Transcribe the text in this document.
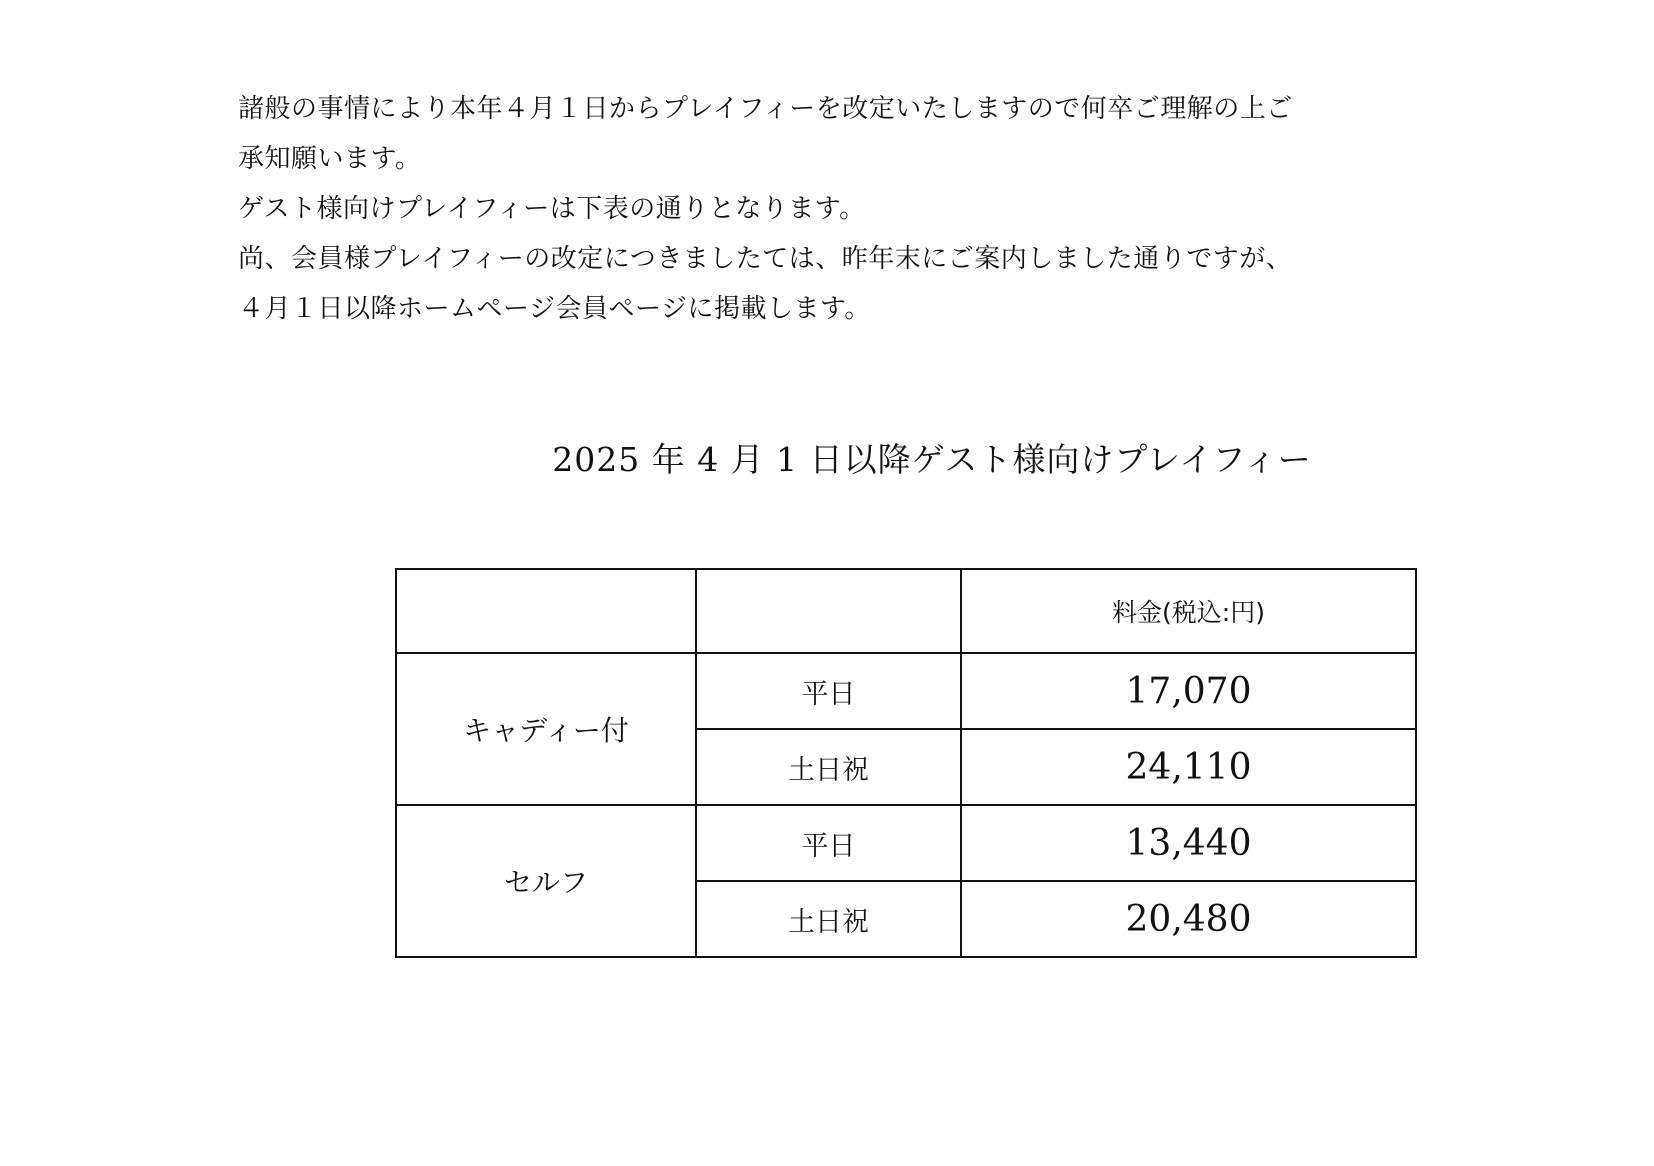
諸般の事情により本年４月１日からプレイフィーを改定いたしますので何卒ご理解の上ご

承知願います。

ゲスト様向けプレイフィーは下表の通りとなります。

尚、会員様プレイフィーの改定につきましたては、昨年末にご案内しました通りですが、

４月１日以降ホームページ会員ページに掲載します。

2025 年 4 月 1 日以降ゲスト様向けプレイフィー
		料金(税込:円)
キャディー付	平日	17,070
	土日祝	24,110
セルフ	平日	13,440
	土日祝	20,480
